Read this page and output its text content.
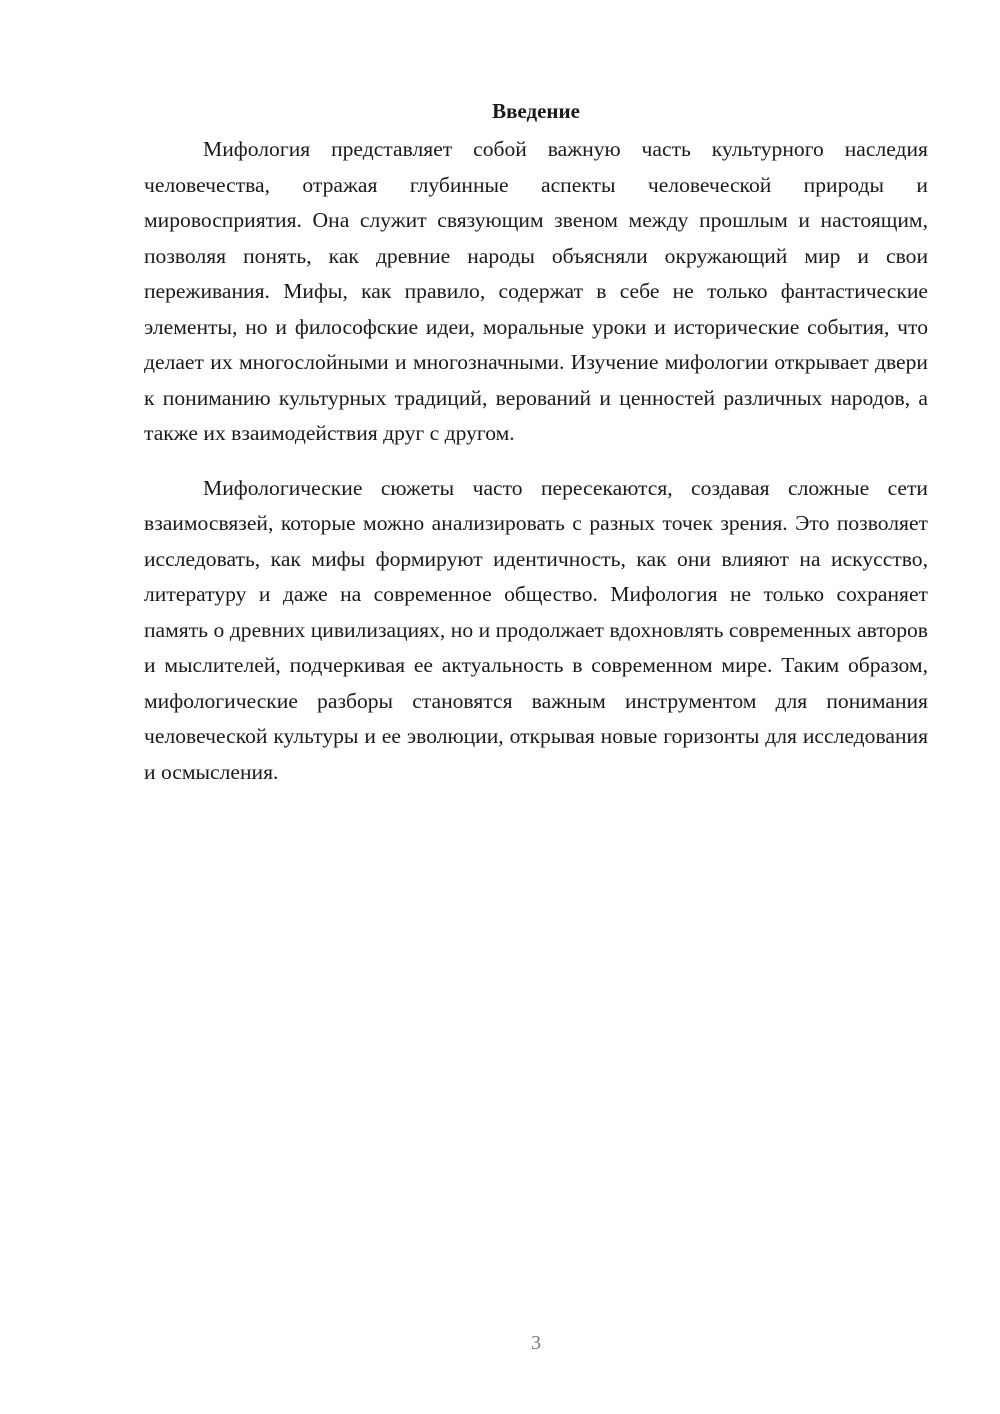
Введение

Мифология представляет собой важную часть культурного наследия человечества, отражая глубинные аспекты человеческой природы и мировосприятия. Она служит связующим звеном между прошлым и настоящим, позволяя понять, как древние народы объясняли окружающий мир и свои переживания. Мифы, как правило, содержат в себе не только фантастические элементы, но и философские идеи, моральные уроки и исторические события, что делает их многослойными и многозначными. Изучение мифологии открывает двери к пониманию культурных традиций, верований и ценностей различных народов, а также их взаимодействия друг с другом.

Мифологические сюжеты часто пересекаются, создавая сложные сети взаимосвязей, которые можно анализировать с разных точек зрения. Это позволяет исследовать, как мифы формируют идентичность, как они влияют на искусство, литературу и даже на современное общество. Мифология не только сохраняет память о древних цивилизациях, но и продолжает вдохновлять современных авторов и мыслителей, подчеркивая ее актуальность в современном мире. Таким образом, мифологические разборы становятся важным инструментом для понимания человеческой культуры и ее эволюции, открывая новые горизонты для исследования и осмысления.

3
